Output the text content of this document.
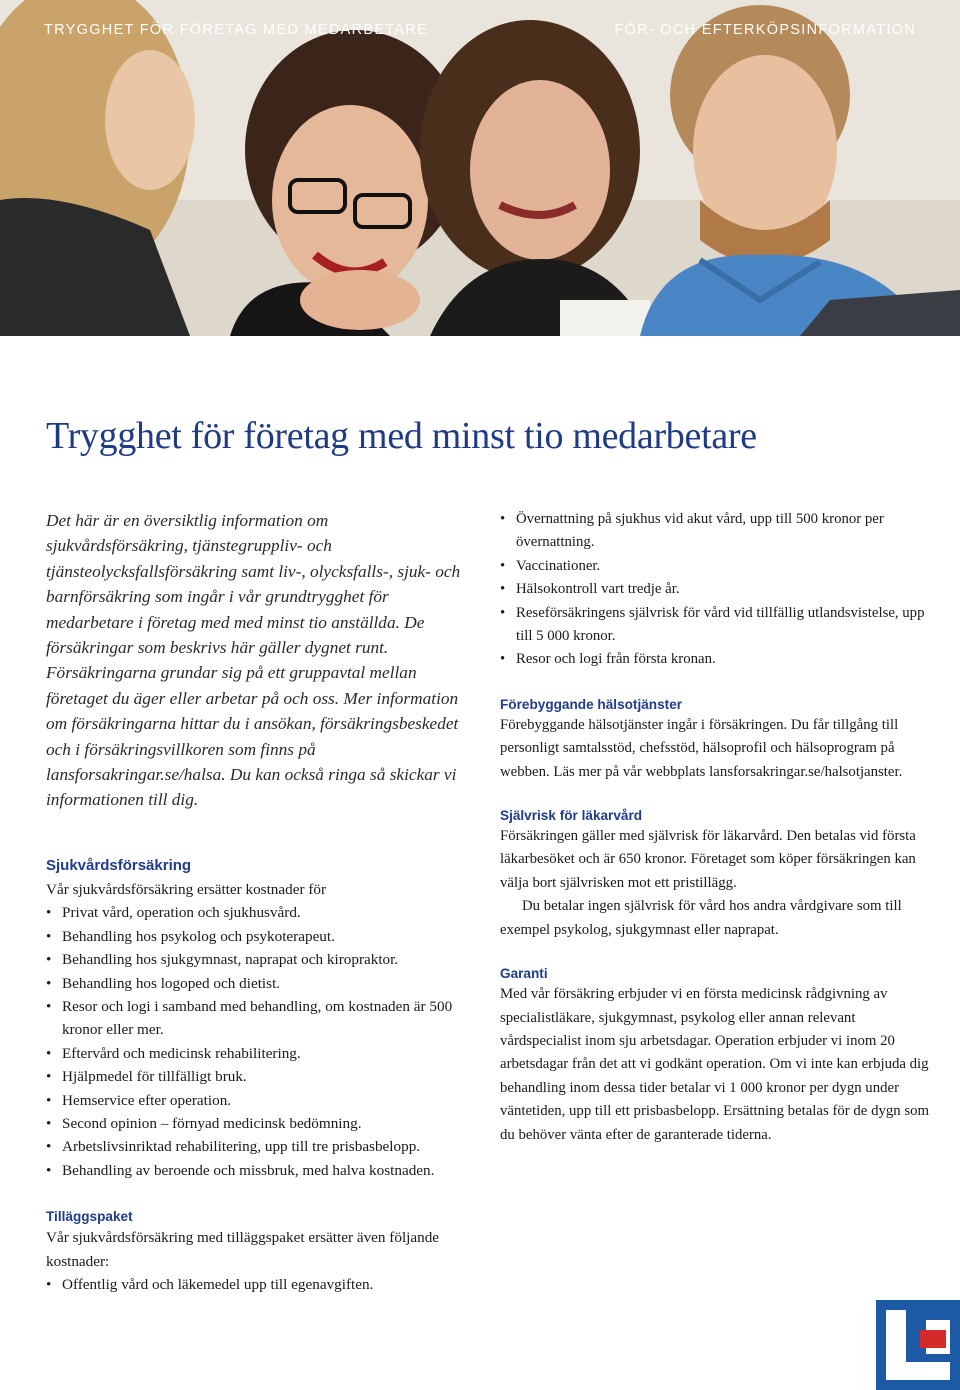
TRYGGHET FÖR FÖRETAG MED MEDARBETARE	FÖR- OCH EFTERKÖPSINFORMATION
Trygghet för företag med minst tio medarbetare

Det här är en översiktlig information om sjukvårdsförsäkring, tjänstegruppliv- och tjänsteolycksfallsförsäkring samt liv-, olycksfalls-, sjuk- och barnförsäkring som ingår i vår grundtrygghet för medarbetare i företag med med minst tio anställda. De försäkringar som beskrivs här gäller dygnet runt. Försäkringarna grundar sig på ett gruppavtal mellan företaget du äger eller arbetar på och oss. Mer information om försäkringarna hittar du i ansökan, försäkringsbeskedet och i försäkringsvillkoren som finns på lansforsakringar.se/halsa. Du kan också ringa så skickar vi informationen till dig.

Sjukvårdsförsäkring

Vår sjukvårdsförsäkring ersätter kostnader för

• Privat vård, operation och sjukhusvård.
• Behandling hos psykolog och psykoterapeut.
• Behandling hos sjukgymnast, naprapat och kiropraktor.
• Behandling hos logoped och dietist.
• Resor och logi i samband med behandling, om kostnaden är 500 kronor eller mer.
• Eftervård och medicinsk rehabilitering.
• Hjälpmedel för tillfälligt bruk.
• Hemservice efter operation.
• Second opinion – förnyad medicinsk bedömning.
• Arbetslivsinriktad rehabilitering, upp till tre prisbasbelopp.
• Behandling av beroende och missbruk, med halva kostnaden.
Tilläggspaket

Vår sjukvårdsförsäkring med tilläggspaket ersätter även följande kostnader:

• Offentlig vård och läkemedel upp till egenavgiften.
• Övernattning på sjukhus vid akut vård, upp till 500 kronor per övernattning.
• Vaccinationer.
• Hälsokontroll vart tredje år.
• Reseförsäkringens självrisk för vård vid tillfällig utlandsvistelse, upp till 5 000 kronor.
• Resor och logi från första kronan.
Förebyggande hälsotjänster

Förebyggande hälsotjänster ingår i försäkringen. Du får tillgång till personligt samtalsstöd, chefsstöd, hälsoprofil och hälsoprogram på webben. Läs mer på vår webbplats lansforsakringar.se/halsotjanster.

Självrisk för läkarvård

Försäkringen gäller med självrisk för läkarvård. Den betalas vid första läkarbesöket och är 650 kronor. Företaget som köper försäkringen kan välja bort självrisken mot ett pristillägg.

Du betalar ingen självrisk för vård hos andra vårdgivare som till exempel psykolog, sjukgymnast eller naprapat.

Garanti

Med vår försäkring erbjuder vi en första medicinsk rådgivning av specialistläkare, sjukgymnast, psykolog eller annan relevant vårdspecialist inom sju arbetsdagar. Operation erbjuder vi inom 20 arbetsdagar från det att vi godkänt operation. Om vi inte kan erbjuda dig behandling inom dessa tider betalar vi 1 000 kronor per dygn under väntetiden, upp till ett prisbasbelopp. Ersättning betalas för de dygn som du behöver vänta efter de garanterade tiderna.
